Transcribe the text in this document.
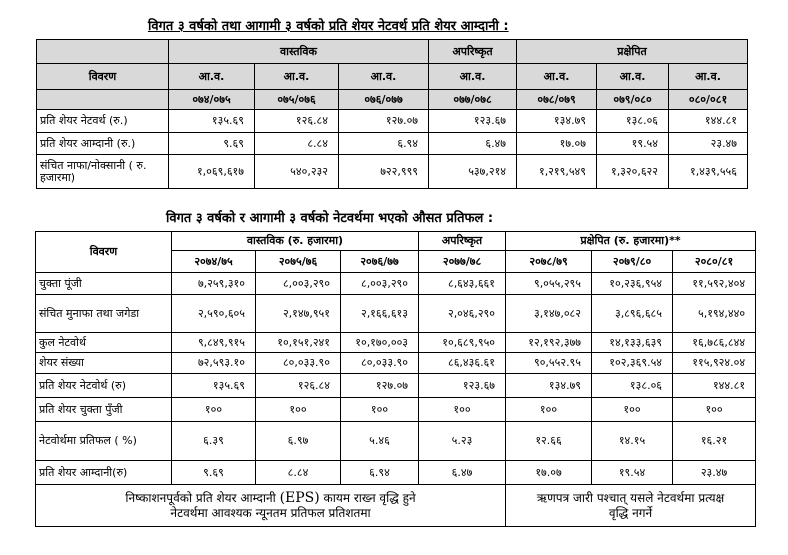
विगत ३ वर्षको तथा आगामी ३ वर्षको प्रति शेयर नेटवर्थ प्रति शेयर आम्दानी :
	वास्तविक			अपरिष्कृत	प्रक्षेपित		
विवरण	आ.व.	आ.व.	आ.व.	आ.व.	आ.व.	आ.व.	आ.व.
	०७४/०७५	०७५/०७६	०७६/०७७	०७७/०७८	०७८/०७९	०७९/०८०	०८०/०८१
प्रति शेयर नेटवर्थ (रु.)	१३५.६९	१२६.८४	१२७.०७	१२३.६७	१३४.७९	१३८.०६	१४४.८१
प्रति शेयर आम्दानी (रु.)	९.६९	८.८४	६.९४	६.४७	१७.०७	१९.५४	२३.४७
संचित नाफा/नोक्सानी ( रु. हजारमा)	१,०६९,६१७	५४०,२३२	७२२,९९९	५३७,२१४	१,२१९,५४९	१,३२०,६२२	१,४३९,५५६
विगत ३ वर्षको र आगामी ३ वर्षको नेटवर्थमा भएको औसत प्रतिफल :
विवरण	वास्तविक (रु. हजारमा)			अपरिष्कृत	प्रक्षेपित (रु. हजारमा)**		
	२०७४/७५	२०७५/७६	२०७६/७७	२०७७/७८	२०७८/७९	२०७९/८०	२०८०/८१
चुक्ता पूंजी	७,२५९,३१०	८,००३,२९०	८,००३,२९०	८,६४३,६६१	९,०५५,२९५	१०,२३६,९५४	११,५९२,४०४
संचित मुनाफा तथा जगेडा	२,५९०,६०५	२,१४७,९५१	२,१६६,६१३	२,०४६,२९०	३,१४७,०८२	३,८९६,६८५	५,१९४,४४०
कुल नेटवोर्थ	९,८४९,९१५	१०,१५१,२४१	१०,१७०,००३	१०,६८९,९५०	१२,१९२,३७७	१४,१३३,६३९	१६,७८६,८४४
शेयर संख्या	७२,५९३.१०	८०,०३३.९०	८०,०३३.९०	८६,४३६.६१	९०,५५२.९५	१०२,३६९.५४	११५,९२४.०४
प्रति शेयर नेटवोर्थ (रु)	१३५.६९	१२६.८४	१२७.०७	१२३.६७	१३४.७९	१३८.०६	१४४.८१
प्रति शेयर चुक्ता पुँजी	१००	१००	१००	१००	१००	१००	१००
नेटवोर्थमा प्रतिफल ( %)	६.३९	६.९७	५.४६	५.२३	१२.६६	१४.१५	१६.२१
प्रति शेयर आम्दानी(रु)	९.६९	८.८४	६.९४	६.४७	१७.०७	१९.५४	२३.४७
निष्काशनपूर्वको प्रति शेयर आम्दानी (EPS) कायम राख्न वृद्धि हुने
नेटवर्थमा आवश्यक न्यूनतम प्रतिफल प्रतिशतमा					ऋणपत्र जारी पश्चात् यसले नेटवर्थमा प्रत्यक्ष
वृद्धि नगर्ने		
